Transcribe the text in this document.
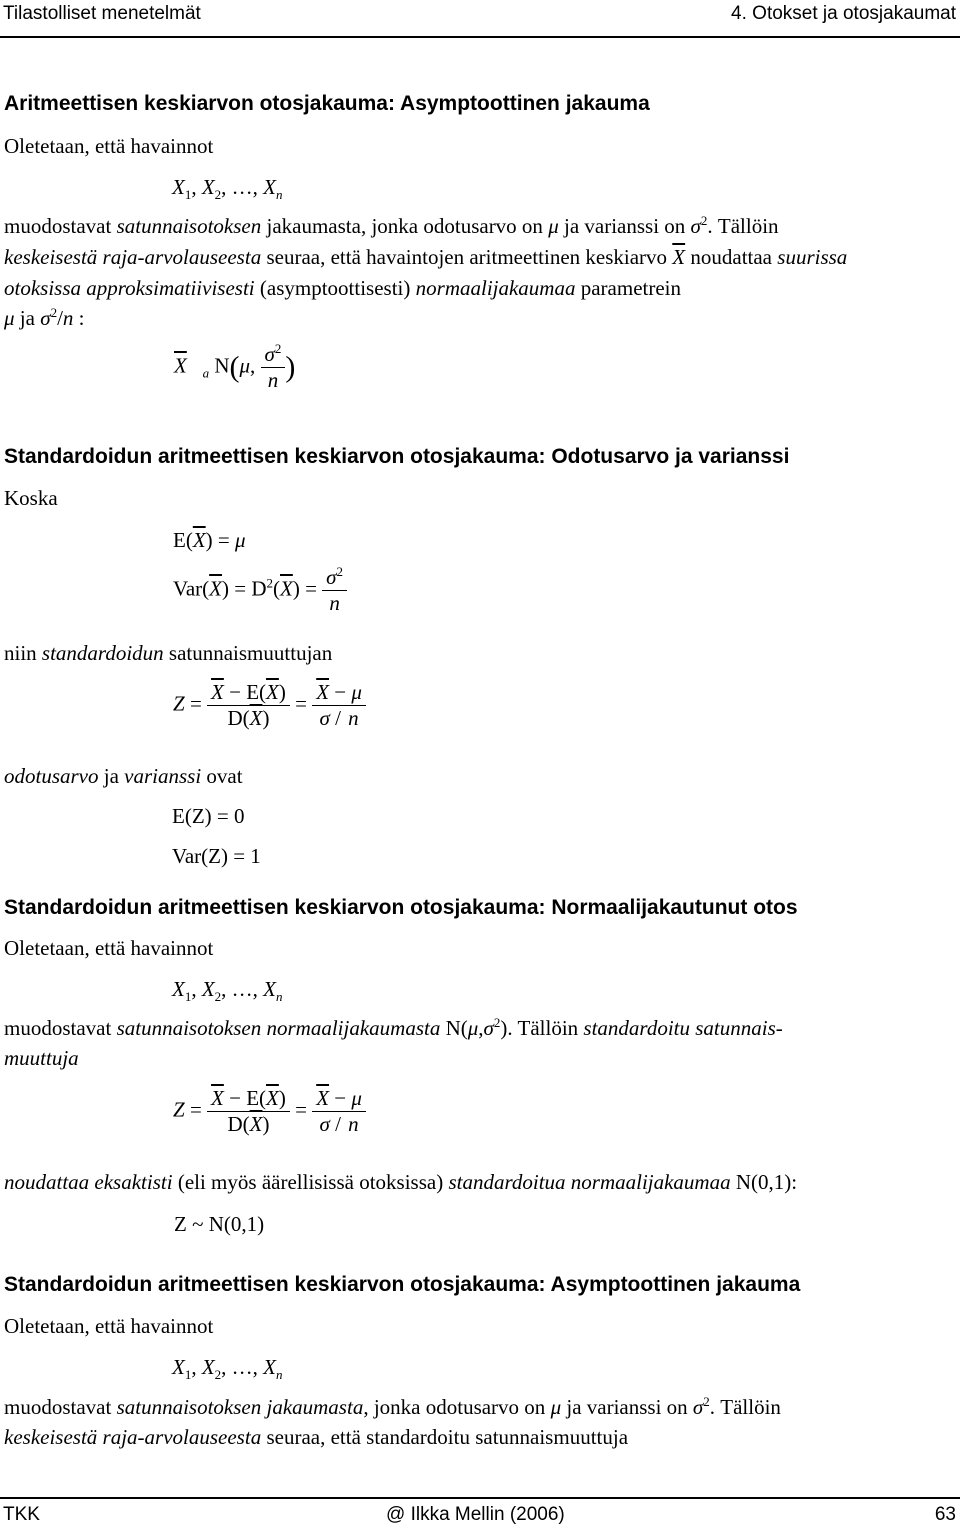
Tilastolliset menetelmät	4. Otokset ja otosjakaumat
Aritmeettisen keskiarvon otosjakauma: Asymptoottinen jakauma
Oletetaan, että havainnot
$X_1$, $X_2$, …, $X_n$
muodostavat satunnaisotoksen jakaumasta, jonka odotusarvo on μ ja varianssi on $\sigma^2$. Tällöin
keskeisestä raja-arvolauseesta seuraa, että havaintojen aritmeettinen keskiarvo $\overline{X}$ noudattaa suurissa
otoksissa approksimatiivisesti (asymptoottisesti) normaalijakaumaa parametrein
μ ja $\sigma^2/n$ :
$\overline{X}$ $_a$ N(μ, $\frac{\sigma^2}{n}$ )
Standardoidun aritmeettisen keskiarvon otosjakauma: Odotusarvo ja varianssi
Koska
$E(\overline{X}) = \mu$
$Var(\overline{X}) = D^2(\overline{X}) = \frac{\sigma^2}{n}$
niin standardoidun satunnaismuuttujan
$Z = \frac{\overline{X} - E(\overline{X})}{D(\overline{X})} = \frac{\overline{X} - \mu}{\sigma / n}$
odotusarvo ja varianssi ovat
E(Z) = 0
Var(Z) = 1
Standardoidun aritmeettisen keskiarvon otosjakauma: Normaalijakautunut otos
Oletetaan, että havainnot
$X_1$, $X_2$, …, $X_n$
muodostavat satunnaisotoksen normaalijakaumasta $N(\mu,\sigma^2)$. Tällöin standardoitu satunnais-
muuttuja
$Z = \frac{\overline{X} - E(\overline{X})}{D(\overline{X})} = \frac{\overline{X} - \mu}{\sigma / n}$
noudattaa eksaktisti (eli myös äärellisissä otoksissa) standardoitua normaalijakaumaa N(0,1):
Z ~ N(0,1)
Standardoidun aritmeettisen keskiarvon otosjakauma: Asymptoottinen jakauma
Oletetaan, että havainnot
$X_1$, $X_2$, …, $X_n$
muodostavat satunnaisotoksen jakaumasta, jonka odotusarvo on μ ja varianssi on $\sigma^2$. Tällöin
keskeisestä raja-arvolauseesta seuraa, että standardoitu satunnaismuuttuja
TKK	@ Ilkka Mellin (2006)	63
